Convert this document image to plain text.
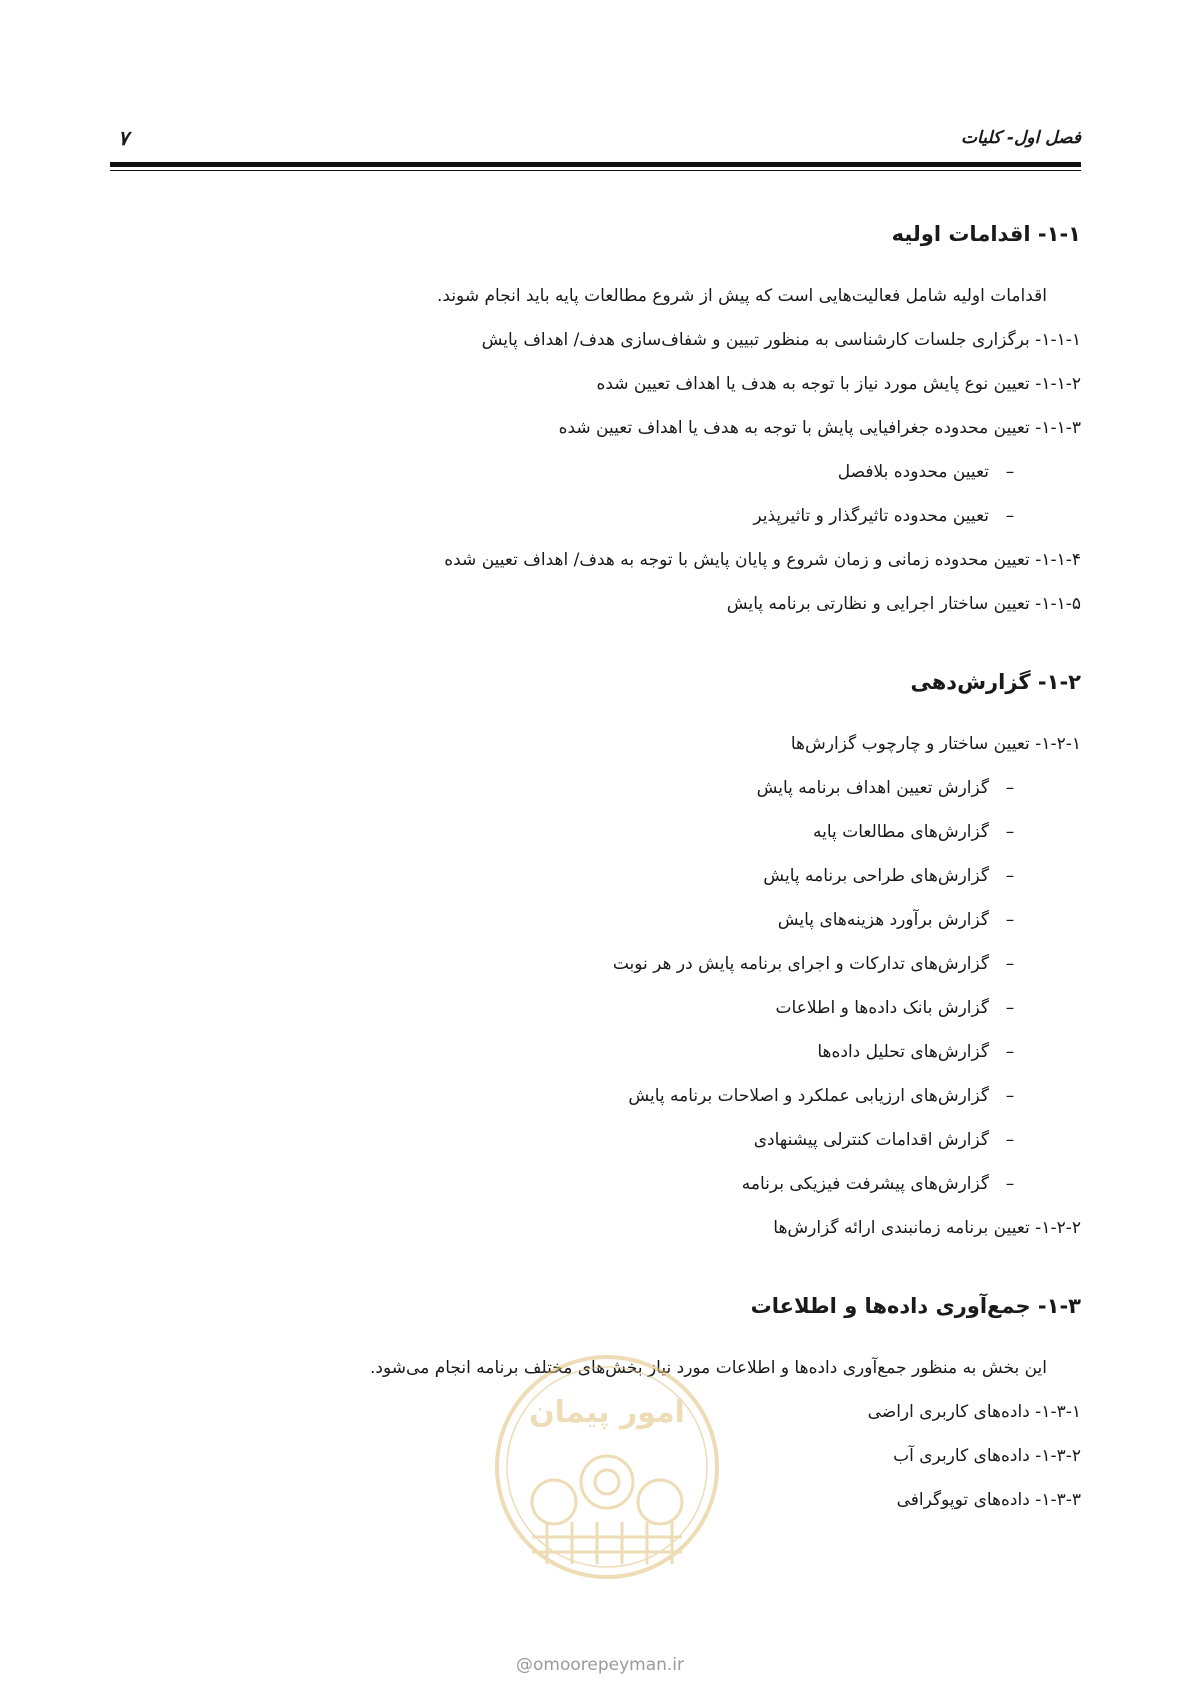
فصل اول- کلیات
۷
۱-۱- اقدامات اولیه

اقدامات اولیه شامل فعالیت‌هایی است که پیش از شروع مطالعات پایه باید انجام شوند.

۱-۱-۱- برگزاری جلسات کارشناسی به منظور تبیین و شفاف‌سازی هدف/ اهداف پایش

۱-۱-۲- تعیین نوع پایش مورد نیاز با توجه به هدف یا اهداف تعیین شده

۱-۱-۳- تعیین محدوده جغرافیایی پایش با توجه به هدف یا اهداف تعیین شده

–تعیین محدوده بلافصل

–تعیین محدوده تاثیرگذار و تاثیرپذیر

۱-۱-۴- تعیین محدوده زمانی و زمان شروع و پایان پایش با توجه به هدف/ اهداف تعیین شده

۱-۱-۵- تعیین ساختار اجرایی و نظارتی برنامه پایش

۱-۲- گزارش‌دهی

۱-۲-۱- تعیین ساختار و چارچوب گزارش‌ها

–گزارش تعیین اهداف برنامه پایش

–گزارش‌های مطالعات پایه

–گزارش‌های طراحی برنامه پایش

–گزارش برآورد هزینه‌های پایش

–گزارش‌های تدارکات و اجرای برنامه پایش در هر نوبت

–گزارش بانک داده‌ها و اطلاعات

–گزارش‌های تحلیل داده‌ها

–گزارش‌های ارزیابی عملکرد و اصلاحات برنامه پایش

–گزارش اقدامات کنترلی پیشنهادی

–گزارش‌های پیشرفت فیزیکی برنامه

۱-۲-۲- تعیین برنامه زمانبندی ارائه گزارش‌ها

۱-۳- جمع‌آوری داده‌ها و اطلاعات

این بخش به منظور جمع‌آوری داده‌ها و اطلاعات مورد نیاز بخش‌های مختلف برنامه انجام می‌شود.

۱-۳-۱- داده‌های کاربری اراضی

۱-۳-۲- داده‌های کاربری آب

۱-۳-۳- داده‌های توپوگرافی

امور پیمان
@omoorepeyman.ir
